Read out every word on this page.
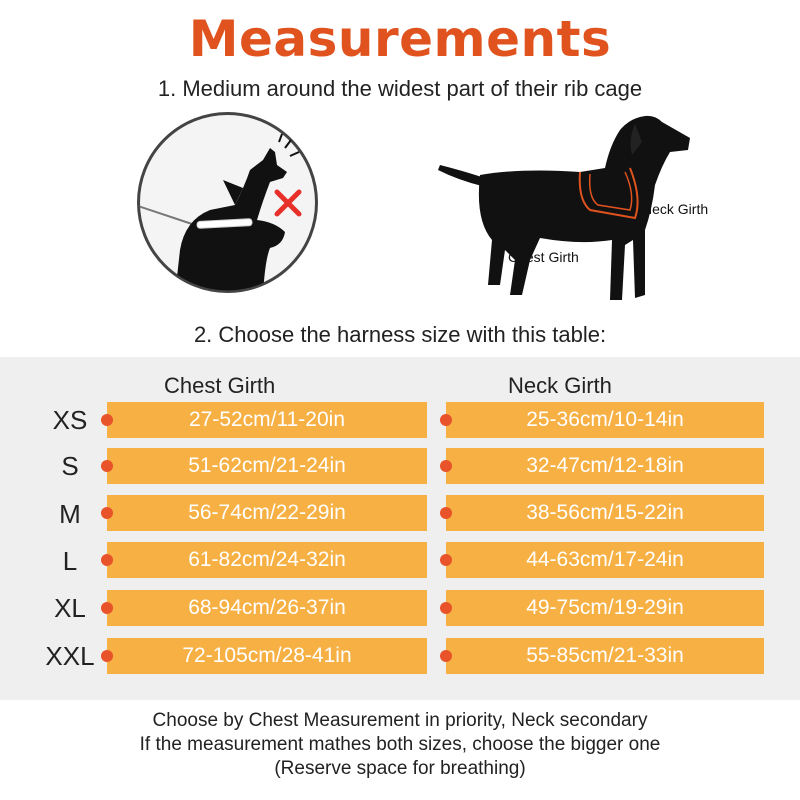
Measurements
1. Medium around the widest part of their rib cage
Neck Girth
Chest Girth
2. Choose the harness size with this table:
Chest Girth	Neck Girth
XS	27-52cm/11-20in	25-36cm/10-14in
S	51-62cm/21-24in	32-47cm/12-18in
M	56-74cm/22-29in	38-56cm/15-22in
L	61-82cm/24-32in	44-63cm/17-24in
XL	68-94cm/26-37in	49-75cm/19-29in
XXL	72-105cm/28-41in	55-85cm/21-33in
Choose by Chest Measurement in priority, Neck secondary
If the measurement mathes both sizes, choose the bigger one
(Reserve space for breathing)
